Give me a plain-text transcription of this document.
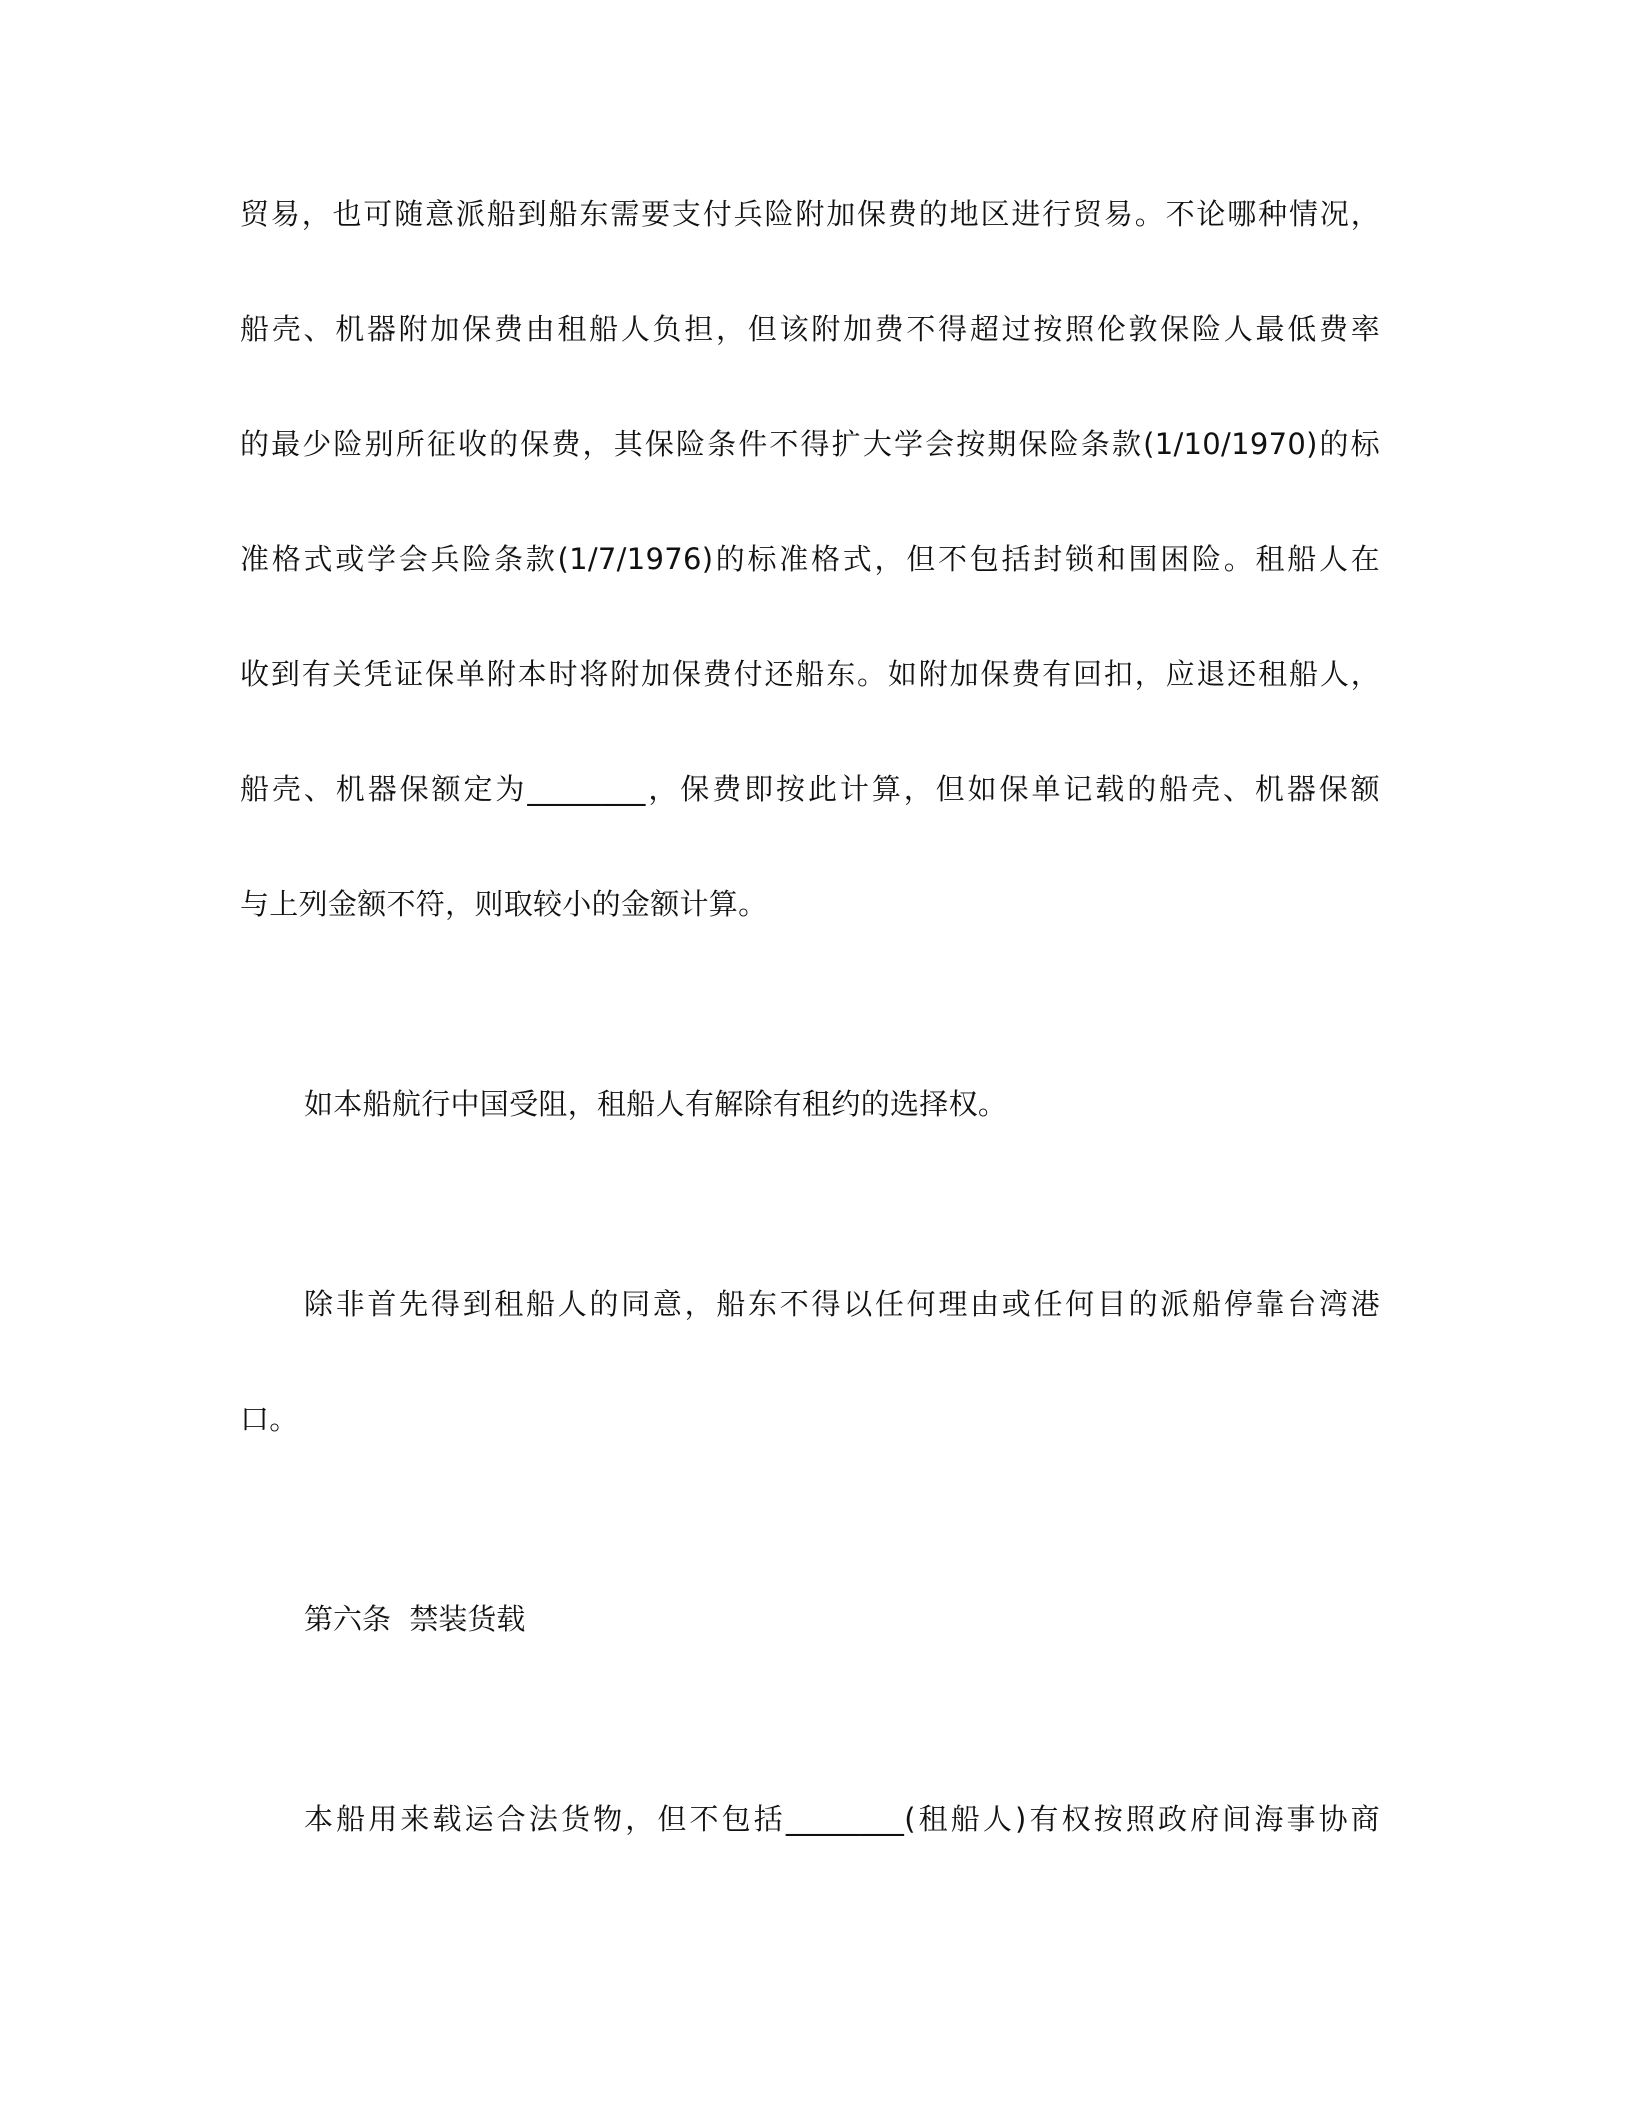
贸易，也可随意派船到船东需要支付兵险附加保费的地区进行贸易。不论哪种情况，
船壳、机器附加保费由租船人负担，但该附加费不得超过按照伦敦保险人最低费率
的最少险别所征收的保费，其保险条件不得扩大学会按期保险条款(1/10/1970)的标
准格式或学会兵险条款(1/7/1976)的标准格式，但不包括封锁和围困险。租船人在
收到有关凭证保单附本时将附加保费付还船东。如附加保费有回扣，应退还租船人，
船壳、机器保额定为________，保费即按此计算，但如保单记载的船壳、机器保额
与上列金额不符，则取较小的金额计算。
如本船航行中国受阻，租船人有解除有租约的选择权。
除非首先得到租船人的同意，船东不得以任何理由或任何目的派船停靠台湾港
口。
第六条  禁装货载
本船用来载运合法货物，但不包括________(租船人)有权按照政府间海事协商
